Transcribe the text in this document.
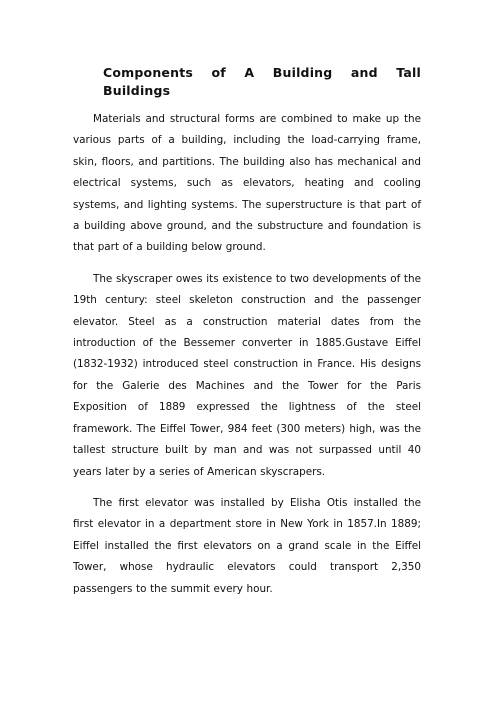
Components of A Building and Tall Buildings

Materials and structural forms are combined to make up the various parts of a building, including the load-carrying frame, skin, floors, and partitions. The building also has mechanical and electrical systems, such as elevators, heating and cooling systems, and lighting systems. The superstructure is that part of a building above ground, and the substructure and foundation is that part of a building below ground.

The skyscraper owes its existence to two developments of the 19th century: steel skeleton construction and the passenger elevator. Steel as a construction material dates from the introduction of the Bessemer converter in 1885.Gustave Eiffel (1832-1932) introduced steel construction in France. His designs for the Galerie des Machines and the Tower for the Paris Exposition of 1889 expressed the lightness of the steel framework. The Eiffel Tower, 984 feet (300 meters) high, was the tallest structure built by man and was not surpassed until 40 years later by a series of American skyscrapers.

The first elevator was installed by Elisha Otis installed the first elevator in a department store in New York in 1857.In 1889; Eiffel installed the first elevators on a grand scale in the Eiffel Tower, whose hydraulic elevators could transport 2,350 passengers to the summit every hour.
